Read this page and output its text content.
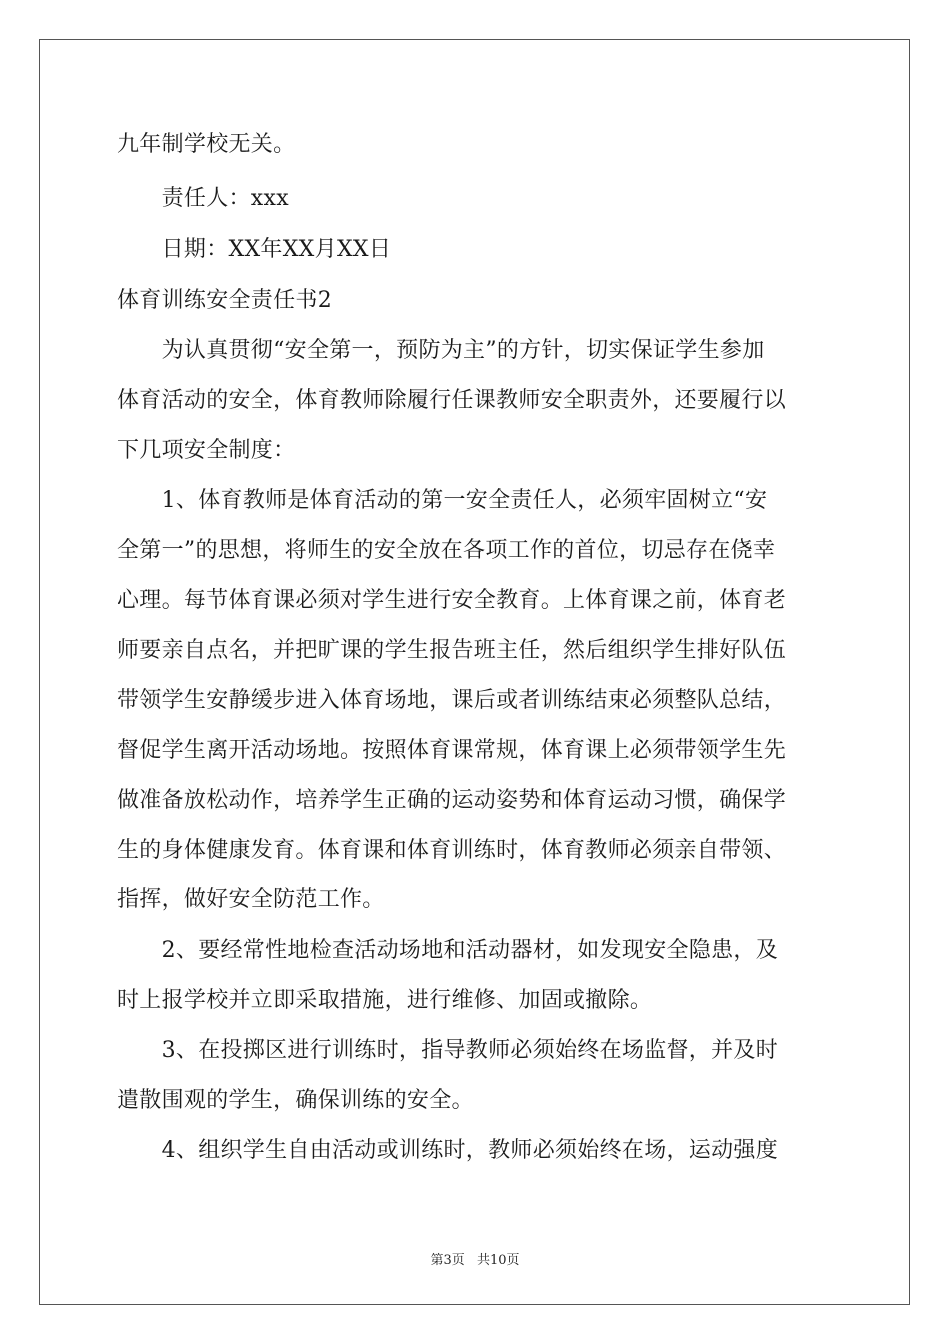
九年制学校无关。
　　责任人：xxx
　　日期：XX年XX月XX日
体育训练安全责任书2
　　为认真贯彻“安全第一，预防为主”的方针，切实保证学生参加
体育活动的安全，体育教师除履行任课教师安全职责外，还要履行以
下几项安全制度：
　　1、体育教师是体育活动的第一安全责任人，必须牢固树立“安
全第一”的思想，将师生的安全放在各项工作的首位，切忌存在侥幸
心理。每节体育课必须对学生进行安全教育。上体育课之前，体育老
师要亲自点名，并把旷课的学生报告班主任，然后组织学生排好队伍
带领学生安静缓步进入体育场地，课后或者训练结束必须整队总结，
督促学生离开活动场地。按照体育课常规，体育课上必须带领学生先
做准备放松动作，培养学生正确的运动姿势和体育运动习惯，确保学
生的身体健康发育。体育课和体育训练时，体育教师必须亲自带领、
指挥，做好安全防范工作。
　　2、要经常性地检查活动场地和活动器材，如发现安全隐患，及
时上报学校并立即采取措施，进行维修、加固或撤除。
　　3、在投掷区进行训练时，指导教师必须始终在场监督，并及时
遣散围观的学生，确保训练的安全。
　　4、组织学生自由活动或训练时，教师必须始终在场，运动强度
第3页 共10页
